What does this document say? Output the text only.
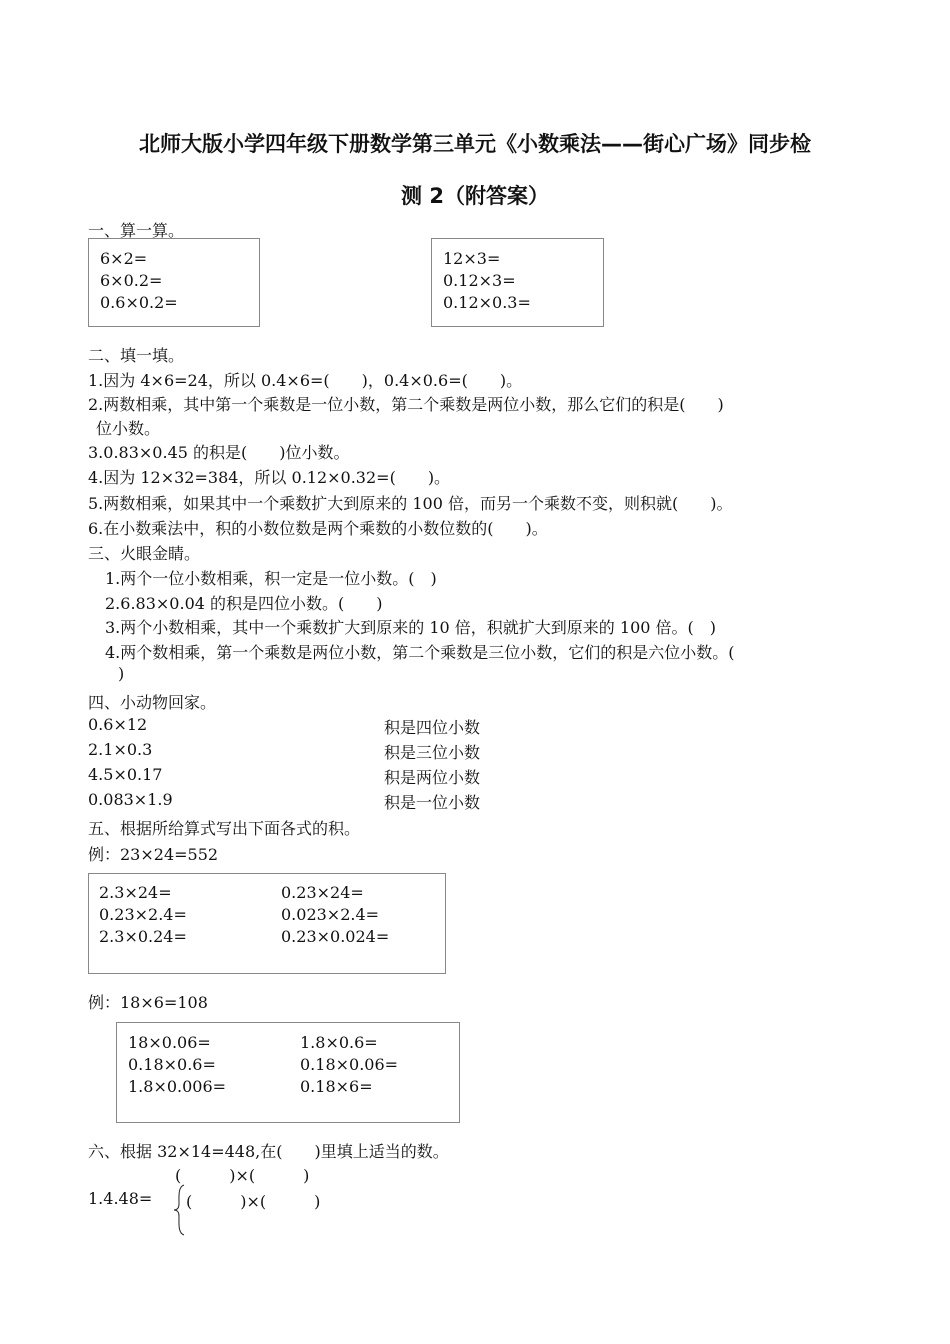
北师大版小学四年级下册数学第三单元《小数乘法——街心广场》同步检
测 2（附答案）
一、算一算。
6×2=
6×0.2=
0.6×0.2=
12×3=
0.12×3=
0.12×0.3=
二、填一填。
1.因为 4×6=24，所以 0.4×6=(　　)，0.4×0.6=(　　)。
2.两数相乘，其中第一个乘数是一位小数，第二个乘数是两位小数，那么它们的积是(　　)
位小数。
3.0.83×0.45 的积是(　　)位小数。
4.因为 12×32=384，所以 0.12×0.32=(　　)。
5.两数相乘，如果其中一个乘数扩大到原来的 100 倍，而另一个乘数不变，则积就(　　)。
6.在小数乘法中，积的小数位数是两个乘数的小数位数的(　　)。
三、火眼金睛。
1.两个一位小数相乘，积一定是一位小数。(　)
2.6.83×0.04 的积是四位小数。(　　)
3.两个小数相乘，其中一个乘数扩大到原来的 10 倍，积就扩大到原来的 100 倍。(　)
4.两个数相乘，第一个乘数是两位小数，第二个乘数是三位小数，它们的积是六位小数。(
)
四、小动物回家。
0.6×12
2.1×0.3
4.5×0.17
0.083×1.9
积是四位小数
积是三位小数
积是两位小数
积是一位小数
五、根据所给算式写出下面各式的积。
例：23×24=552
2.3×24=
0.23×2.4=
2.3×0.24=
0.23×24=
0.023×2.4=
0.23×0.024=
例：18×6=108
18×0.06=
0.18×0.6=
1.8×0.006=
1.8×0.6=
0.18×0.06=
0.18×6=
六、根据 32×14=448,在(　　)里填上适当的数。
(　　　)×(　　　)
1.4.48= (　　　)×(　　　)
